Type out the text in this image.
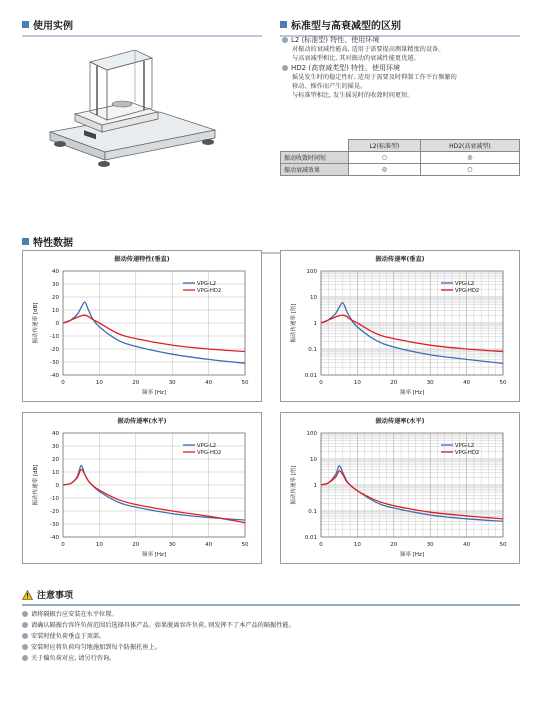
使用实例	标准型与高衰减型的区别
L2 (标准型) 特性、使用环境
对振动的衰减性能高, 适用于需要提高测量精度的设备。
与高衰减型相比, 其对振动的衰减性能更优越。
HD2 (高衰减类型) 特性、使用环境
摇晃发生时的稳定性好, 适用于需要及时抑制工作平台频繁的
移动、操作而产生的摇晃。
与标准型相比, 发生摇晃时的收敛时间更短。
	L2(标准型)	HD2(高衰减型)
振动收敛时间短	○	◎
振动衰减效果	◎	○
特性数据
振动传递特性(垂直)
40
30
20
10
0
-10
-20
-30
-40
0	10	20	30	40	50
频率 [Hz]
振动传递率 [dB]
VPG-L2
VPG-HD2
振动传递率(垂直)
100
10
1
0.1
0.01
0	10	20	30	40	50
频率 [Hz]
振动传递率 [倍]
VPG-L2
VPG-HD2
振动传递率(水平)
40
30
20
10
0
-10
-20
-30
-40
0	10	20	30	40	50
频率 [Hz]
振动传递率 [dB]
VPG-L2
VPG-HD2
振动传递率(水平)
100
10
1
0.1
0.01
0	10	20	30	40	50
频率 [Hz]
振动传递率 [倍]
VPG-L2
VPG-HD2
注意事项
请将隔振台应安装在水平位置。
请确认隔振台容许负荷范围后选择具体产品。如果脱离容许负荷, 则发挥不了本产品的隔振性能。
安装时使负荷垂直于顶部。
安装时应将负荷均匀地施加到每个防振托座上。
关于偏负荷对应, 请另行咨询。
